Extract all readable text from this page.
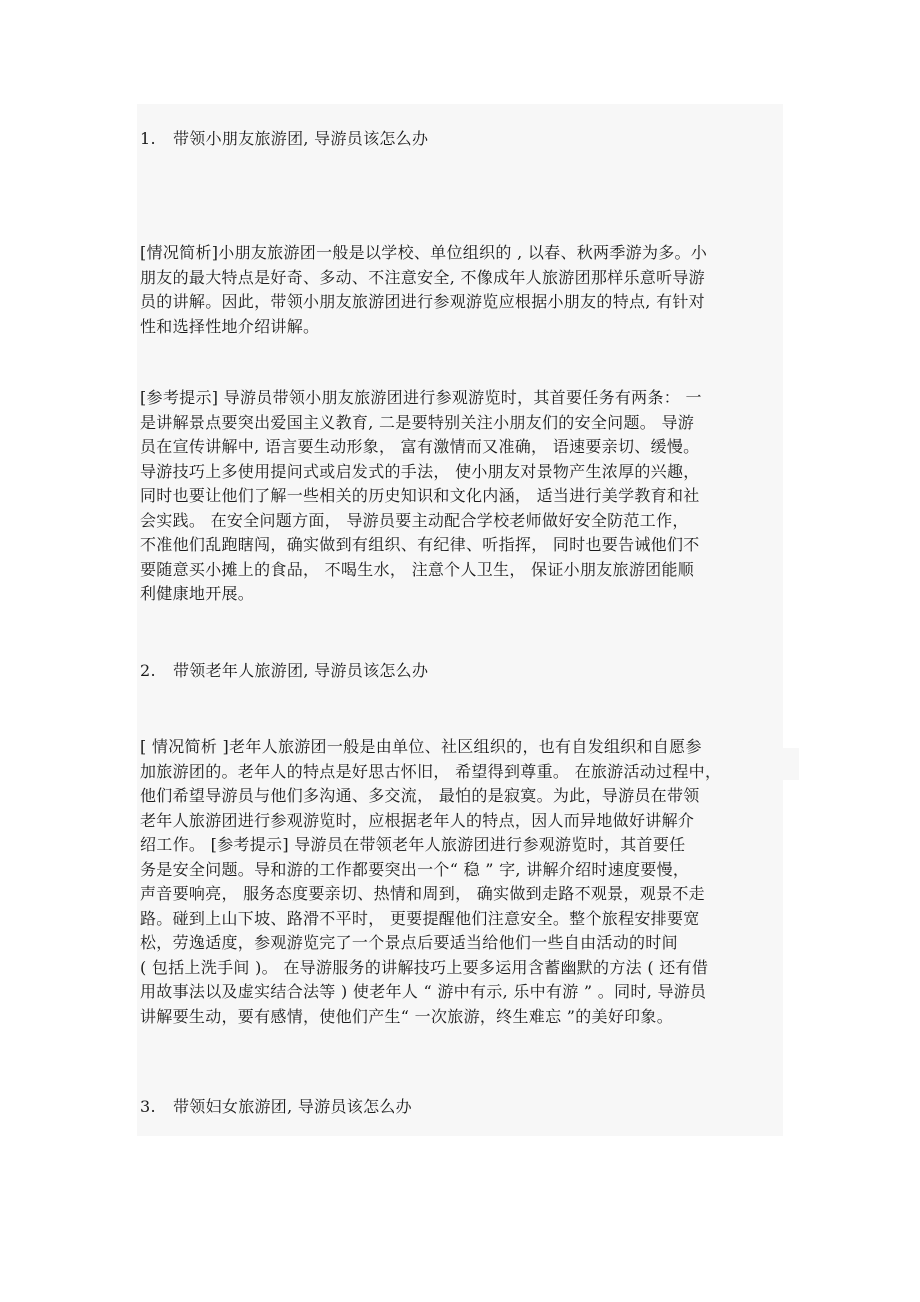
1. 带领小朋友旅游团, 导游员该怎么办
[情况简析]小朋友旅游团一般是以学校、单位组织的 , 以春、秋两季游为多。小
朋友的最大特点是好奇、多动、不注意安全, 不像成年人旅游团那样乐意听导游
员的讲解。因此，带领小朋友旅游团进行参观游览应根据小朋友的特点, 有针对
性和选择性地介绍讲解。
[参考提示] 导游员带领小朋友旅游团进行参观游览时，其首要任务有两条： 一
是讲解景点要突出爱国主义教育, 二是要特别关注小朋友们的安全问题。 导游
员在宣传讲解中, 语言要生动形象， 富有激情而又准确， 语速要亲切、缓慢。
导游技巧上多使用提问式或启发式的手法， 使小朋友对景物产生浓厚的兴趣，
同时也要让他们了解一些相关的历史知识和文化内涵， 适当进行美学教育和社
会实践。 在安全问题方面， 导游员要主动配合学校老师做好安全防范工作，
不准他们乱跑瞎闯，确实做到有组织、有纪律、听指挥， 同时也要告诫他们不
要随意买小摊上的食品， 不喝生水， 注意个人卫生， 保证小朋友旅游团能顺
利健康地开展。
2. 带领老年人旅游团, 导游员该怎么办
[ 情况简析 ]老年人旅游团一般是由单位、社区组织的，也有自发组织和自愿参
加旅游团的。老年人的特点是好思古怀旧， 希望得到尊重。 在旅游活动过程中，
他们希望导游员与他们多沟通、多交流， 最怕的是寂寞。为此，导游员在带领
老年人旅游团进行参观游览时，应根据老年人的特点，因人而异地做好讲解介
绍工作。 [参考提示] 导游员在带领老年人旅游团进行参观游览时，其首要任
务是安全问题。导和游的工作都要突出一个“ 稳 ” 字, 讲解介绍时速度要慢，
声音要响亮， 服务态度要亲切、热情和周到， 确实做到走路不观景，观景不走
路。碰到上山下坡、路滑不平时， 更要提醒他们注意安全。整个旅程安排要宽
松，劳逸适度，参观游览完了一个景点后要适当给他们一些自由活动的时间
( 包括上洗手间 )。 在导游服务的讲解技巧上要多运用含蓄幽默的方法 ( 还有借
用故事法以及虚实结合法等 ) 使老年人 “ 游中有示, 乐中有游 ” 。同时, 导游员
讲解要生动，要有感情，使他们产生“ 一次旅游，终生难忘 ”的美好印象。
3. 带领妇女旅游团, 导游员该怎么办
